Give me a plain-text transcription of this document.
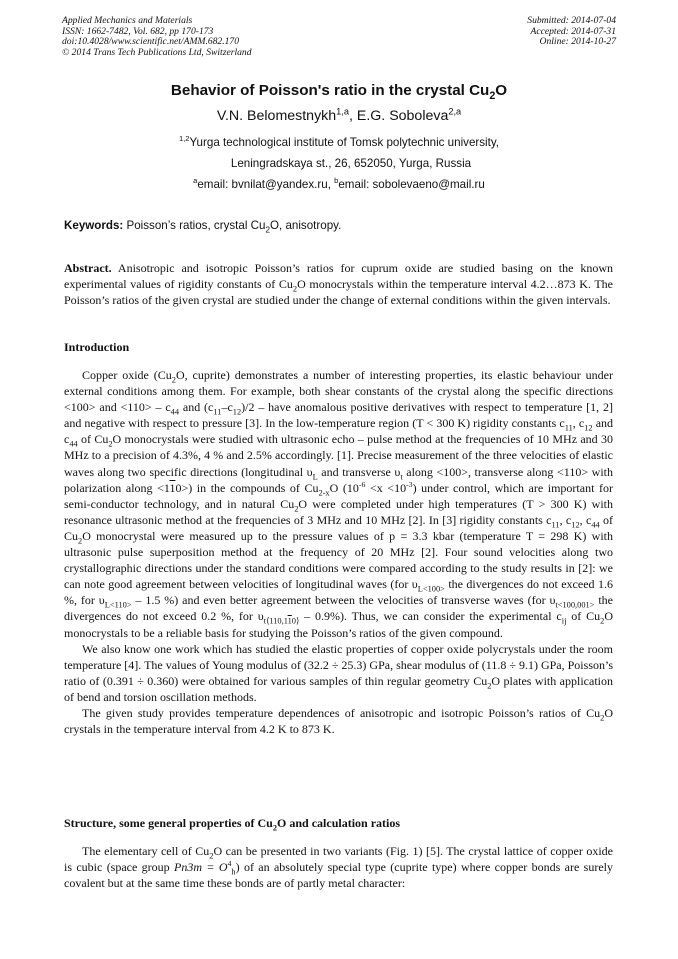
Applied Mechanics and Materials
ISSN: 1662-7482, Vol. 682, pp 170-173
doi:10.4028/www.scientific.net/AMM.682.170
© 2014 Trans Tech Publications Ltd, Switzerland
Submitted: 2014-07-04
Accepted: 2014-07-31
Online: 2014-10-27
Behavior of Poisson's ratio in the crystal $Cu_2O$
V.N. Belomestnykh$^{1,a}$, E.G. Soboleva$^{2,a}$
$^{1,2}$Yurga technological institute of Tomsk polytechnic university,
Leningradskaya st., 26, 652050, Yurga, Russia
$^a$email: bvnilat@yandex.ru, $^b$email: sobolevaeno@mail.ru
Keywords: Poisson’s ratios, crystal $Cu_2O$, anisotropy.

Abstract. Anisotropic and isotropic Poisson’s ratios for cuprum oxide are studied basing on the known experimental values of rigidity constants of $Cu_2O$ monocrystals within the temperature interval 4.2…873 K. The Poisson’s ratios of the given crystal are studied under the change of external conditions within the given intervals.

Introduction

Copper oxide ($Cu_2O$, cuprite) demonstrates a number of interesting properties, its elastic behaviour under external conditions among them. For example, both shear constants of the crystal along the specific directions <100> and $<110> - c_{44}$ and $(c_{11}-c_{12})/2$ – have anomalous positive derivatives with respect to temperature [1, 2] and negative with respect to pressure [3]. In the low-temperature region (T < 300 K) rigidity constants $c_{11}$, $c_{12}$ and $c_{44}$ of $Cu_2O$ monocrystals were studied with ultrasonic echo – pulse method at the frequencies of 10 MHz and 30 MHz to a precision of 4.3%, 4 % and 2.5% accordingly. [1]. Precise measurement of the three velocities of elastic waves along two specific directions (longitudinal $\upsilon_L$ and transverse $\upsilon_t$ along <100>, transverse along <110> with polarization along <110>) in the compounds of $Cu_{2-x}O$ $(10^{-6} <x <10^{-3})$ under control, which are important for semi-conductor technology, and in natural $Cu_2O$ were completed under high temperatures (T > 300 K) with resonance ultrasonic method at the frequencies of 3 MHz and 10 MHz [2]. In [3] rigidity constants $c_{11}$, $c_{12}$, $c_{44}$ of $Cu_2O$ monocrystal were measured up to the pressure values of p = 3.3 kbar (temperature T = 298 K) with ultrasonic pulse superposition method at the frequency of 20 MHz [2]. Four sound velocities along two crystallographic directions under the standard conditions were compared according to the study results in [2]: we can note good agreement between velocities of longitudinal waves (for $\upsilon_{L<100>}$ the divergences do not exceed 1.6 %, for $\upsilon_{L<110>} - 1.5$ %) and even better agreement between the velocities of transverse waves (for $\upsilon_{t<100,001>}$ the divergences do not exceed 0.2 %, for $\upsilon_{t⟨110,110⟩} - 0.9\%$). Thus, we can consider the experimental $c_{ij}$ of $Cu_2O$ monocrystals to be a reliable basis for studying the Poisson’s ratios of the given compound.

We also know one work which has studied the elastic properties of copper oxide polycrystals under the room temperature [4]. The values of Young modulus of (32.2 ÷ 25.3) GPa, shear modulus of (11.8 ÷ 9.1) GPa, Poisson’s ratio of (0.391 ÷ 0.360) were obtained for various samples of thin regular geometry $Cu_2O$ plates with application of bend and torsion oscillation methods.

The given study provides temperature dependences of anisotropic and isotropic Poisson’s ratios of $Cu_2O$ crystals in the temperature interval from 4.2 K to 873 K.

Structure, some general properties of $Cu_2O$ and calculation ratios

The elementary cell of $Cu_2O$ can be presented in two variants (Fig. 1) [5]. The crystal lattice of copper oxide is cubic (space group $Pn3m = O^4_h$) of an absolutely special type (cuprite type) where copper bonds are surely covalent but at the same time these bonds are of partly metal character:
